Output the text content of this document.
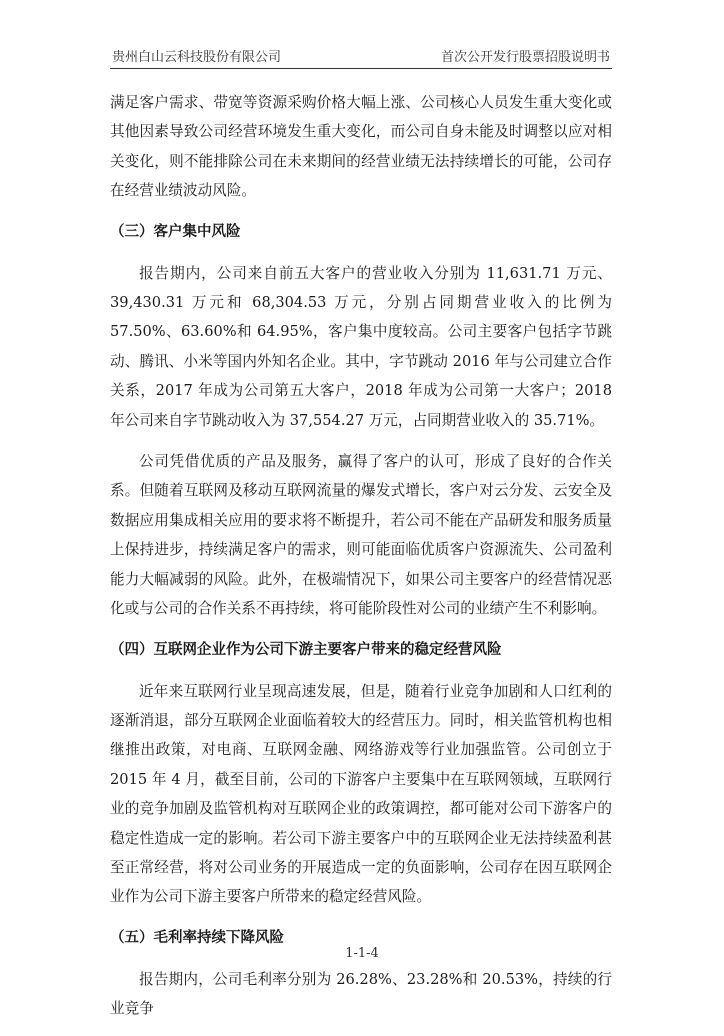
贵州白山云科技股份有限公司	首次公开发行股票招股说明书

满足客户需求、带宽等资源采购价格大幅上涨、公司核心人员发生重大变化或其他因素导致公司经营环境发生重大变化，而公司自身未能及时调整以应对相关变化，则不能排除公司在未来期间的经营业绩无法持续增长的可能，公司存在经营业绩波动风险。

（三）客户集中风险

报告期内，公司来自前五大客户的营业收入分别为 11,631.71 万元、39,430.31 万元和 68,304.53 万元，分别占同期营业收入的比例为 57.50%、63.60%和 64.95%，客户集中度较高。公司主要客户包括字节跳动、腾讯、小米等国内外知名企业。其中，字节跳动 2016 年与公司建立合作关系，2017 年成为公司第五大客户，2018 年成为公司第一大客户；2018 年公司来自字节跳动收入为 37,554.27 万元，占同期营业收入的 35.71%。

公司凭借优质的产品及服务，赢得了客户的认可，形成了良好的合作关系。但随着互联网及移动互联网流量的爆发式增长，客户对云分发、云安全及数据应用集成相关应用的要求将不断提升，若公司不能在产品研发和服务质量上保持进步，持续满足客户的需求，则可能面临优质客户资源流失、公司盈利能力大幅减弱的风险。此外，在极端情况下，如果公司主要客户的经营情况恶化或与公司的合作关系不再持续，将可能阶段性对公司的业绩产生不利影响。

（四）互联网企业作为公司下游主要客户带来的稳定经营风险

近年来互联网行业呈现高速发展，但是，随着行业竞争加剧和人口红利的逐渐消退，部分互联网企业面临着较大的经营压力。同时，相关监管机构也相继推出政策，对电商、互联网金融、网络游戏等行业加强监管。公司创立于 2015 年 4 月，截至目前，公司的下游客户主要集中在互联网领域，互联网行业的竞争加剧及监管机构对互联网企业的政策调控，都可能对公司下游客户的稳定性造成一定的影响。若公司下游主要客户中的互联网企业无法持续盈利甚至正常经营，将对公司业务的开展造成一定的负面影响，公司存在因互联网企业作为公司下游主要客户所带来的稳定经营风险。

（五）毛利率持续下降风险

报告期内，公司毛利率分别为 26.28%、23.28%和 20.53%，持续的行业竞争

1-1-4
